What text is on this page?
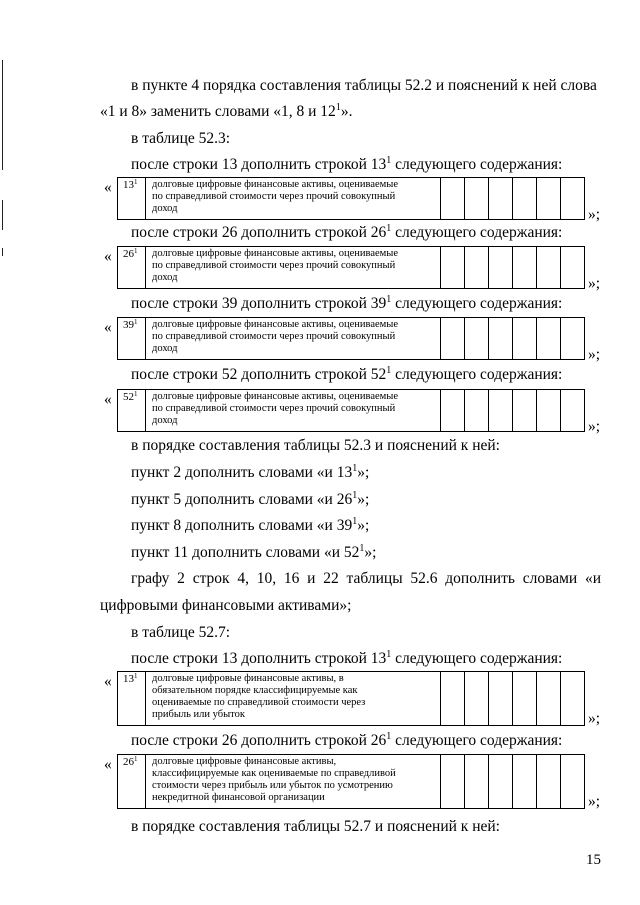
в пункте 4 порядка составления таблицы 52.2 и пояснений к ней слова
«1 и 8» заменить словами «1, 8 и $12^1$».
в таблице 52.3:
после строки 13 дополнить строкой $13^1$ следующего содержания:
« $13^1$	долговые цифровые финансовые активы, оцениваемые
по справедливой стоимости через прочий совокупный
доход
							»;
после строки 26 дополнить строкой $26^1$ следующего содержания:
« $26^1$	долговые цифровые финансовые активы, оцениваемые
по справедливой стоимости через прочий совокупный
доход
							»;
после строки 39 дополнить строкой $39^1$ следующего содержания:
« $39^1$	долговые цифровые финансовые активы, оцениваемые
по справедливой стоимости через прочий совокупный
доход
							»;
после строки 52 дополнить строкой $52^1$ следующего содержания:
« $52^1$	долговые цифровые финансовые активы, оцениваемые
по справедливой стоимости через прочий совокупный
доход
							»;
в порядке составления таблицы 52.3 и пояснений к ней:
пункт 2 дополнить словами «и $13^1$»;
пункт 5 дополнить словами «и $26^1$»;
пункт 8 дополнить словами «и $39^1$»;
пункт 11 дополнить словами «и $52^1$»;
графу 2 строк 4, 10, 16 и 22 таблицы 52.6 дополнить словами «и
цифровыми финансовыми активами»;
в таблице 52.7:
после строки 13 дополнить строкой $13^1$ следующего содержания:
« $13^1$	долговые цифровые финансовые активы, в
обязательном порядке классифицируемые как
оцениваемые по справедливой стоимости через
прибыль или убыток
							»;
после строки 26 дополнить строкой $26^1$ следующего содержания:
« $26^1$	долговые цифровые финансовые активы,
классифицируемые как оцениваемые по справедливой
стоимости через прибыль или убыток по усмотрению
некредитной финансовой организации
							»;
в порядке составления таблицы 52.7 и пояснений к ней:
15
